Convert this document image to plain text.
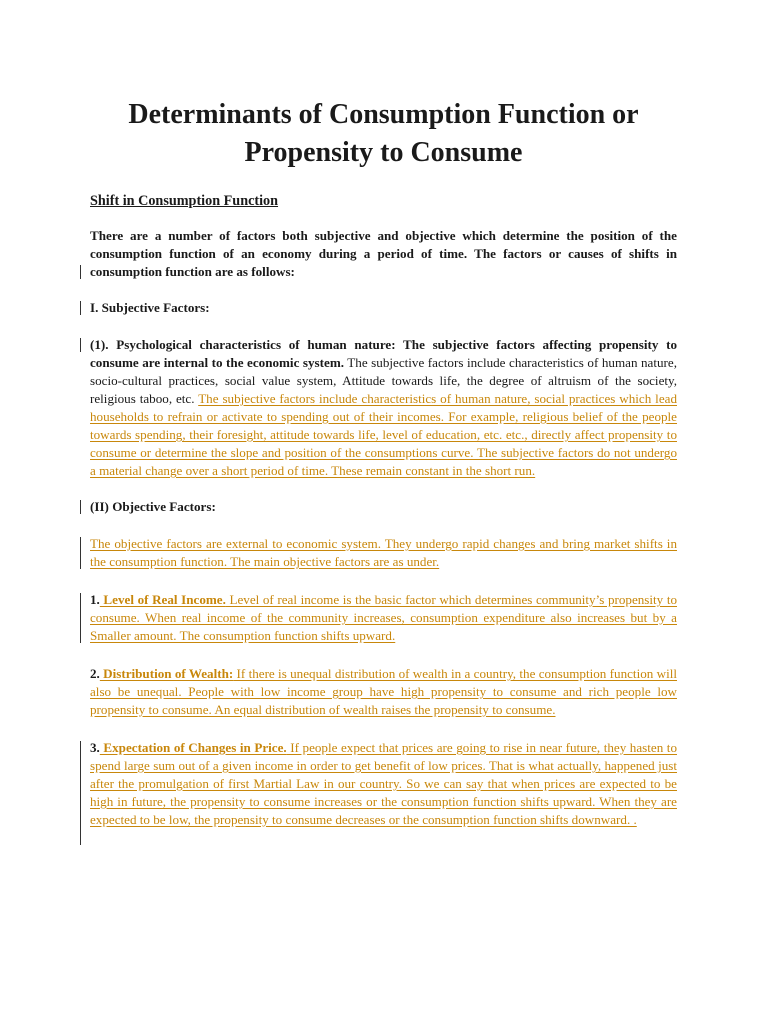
Determinants of Consumption Function or
Propensity to Consume
Shift in Consumption Function

There are a number of factors both subjective and objective which determine the position of the consumption function of an economy during a period of time. The factors or causes of shifts in consumption function are as follows:

I. Subjective Factors:

(1). Psychological characteristics of human nature: The subjective factors affecting propensity to consume are internal to the economic system. The subjective factors include characteristics of human nature, socio-cultural practices, social value system, Attitude towards life, the degree of altruism of the society, religious taboo, etc. The subjective factors include characteristics of human nature, social practices which lead households to refrain or activate to spending out of their incomes. For example, religious belief of the people towards spending, their foresight, attitude towards life, level of education, etc. etc., directly affect propensity to consume or determine the slope and position of the consumptions curve. The subjective factors do not undergo a material change over a short period of time. These remain constant in the short run.

(II) Objective Factors:

The objective factors are external to economic system. They undergo rapid changes and bring market shifts in the consumption function. The main objective factors are as under.

1. Level of Real Income. Level of real income is the basic factor which determines community’s propensity to consume. When real income of the community increases, consumption expenditure also increases but by a Smaller amount. The consumption function shifts upward.

2. Distribution of Wealth: If there is unequal distribution of wealth in a country, the consumption function will also be unequal. People with low income group have high propensity to consume and rich people low propensity to consume. An equal distribution of wealth raises the propensity to consume.

3. Expectation of Changes in Price. If people expect that prices are going to rise in near future, they hasten to spend large sum out of a given income in order to get benefit of low prices. That is what actually, happened just after the promulgation of first Martial Law in our country. So we can say that when prices are expected to be high in future, the propensity to consume increases or the consumption function shifts upward. When they are expected to be low, the propensity to consume decreases or the consumption function shifts downward. .
